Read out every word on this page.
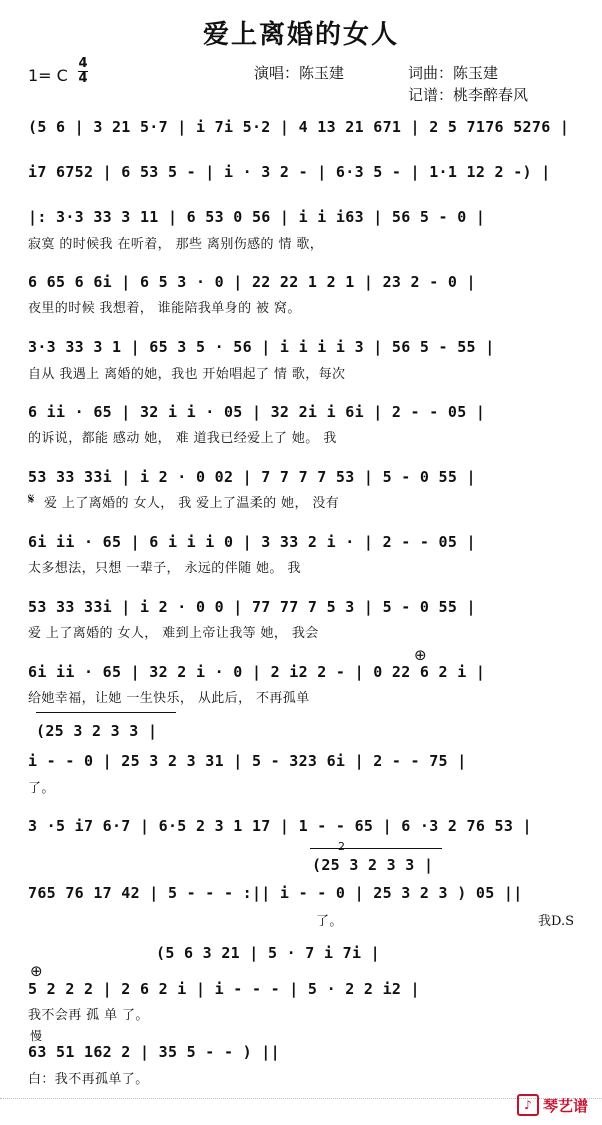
爱上离婚的女人
1= C
4
4	演唱：陈玉建	词曲：陈玉建
记谱：桃李醉春风
(5 6 | 3 21 5·7 | i 7i 5·2 | 4 13 21 671 | 2 5 7176 5276 |
i7 6752 | 6 53 5 - | i · 3 2 - | 6·3 5 - | 1·1 12 2 -) |
|: 3·3 33 3 11 | 6 53 0 56 | i i i63 | 56 5 - 0 |
寂寞 的时候我 在听着， 那些 离别伤感的 情 歌，
6 65 6 6i | 6 5 3 · 0 | 22 22 1 2 1 | 23 2 - 0 |
夜里的时候 我想着， 谁能陪我单身的 被 窝。
3·3 33 3 1 | 65 3 5 · 56 | i i i i 3 | 56 5 - 55 |
自从 我遇上 离婚的她，我也 开始唱起了 情 歌，每次
6 ii · 65 | 32 i i · 05 | 32 2i i 6i | 2 - - 05 |
的诉说，都能 感动 她， 难 道我已经爱上了 她。 我
53 33 33i | i 2 · 0 02 | 7 7 7 7 53 | 5 - 0 55 |
𝄋 爱 上了离婚的 女人， 我 爱上了温柔的 她， 没有
6i ii · 65 | 6 i i i 0 | 3 33 2 i · | 2 - - 05 |
太多想法，只想 一辈子， 永远的伴随 她。 我
53 33 33i | i 2 · 0 0 | 77 77 7 5 3 | 5 - 0 55 |
爱 上了离婚的 女人， 难到上帝让我等 她， 我会
⊕
6i ii · 65 | 32 2 i · 0 | 2 i2 2 - | 0 22 6 2 i |
给她幸福，让她 一生快乐， 从此后， 不再孤单
(25 3 2 3 3 |
i - - 0 | 25 3 2 3 31 | 5 - 323 6i | 2 - - 75 |
了。
3 ·5 i7 6·7 | 6·5 2 3 1 17 | 1 - - 65 | 6 ·3 2 76 53 |
2
(25 3 2 3 3 |
765 76 17 42 | 5 - - - :|| i - - 0 | 25 3 2 3 ) 05 ||
了。	我D.S
(5 6 3 21 | 5 · 7 i 7i |
⊕
5 2 2 2 | 2 6 2 i | i - - - | 5 · 2 2 i2 |
我不会再 孤 单 了。
慢
63 51 162 2 | 35 5 - - ) ||
白：我不再孤单了。
♪ 琴艺谱
